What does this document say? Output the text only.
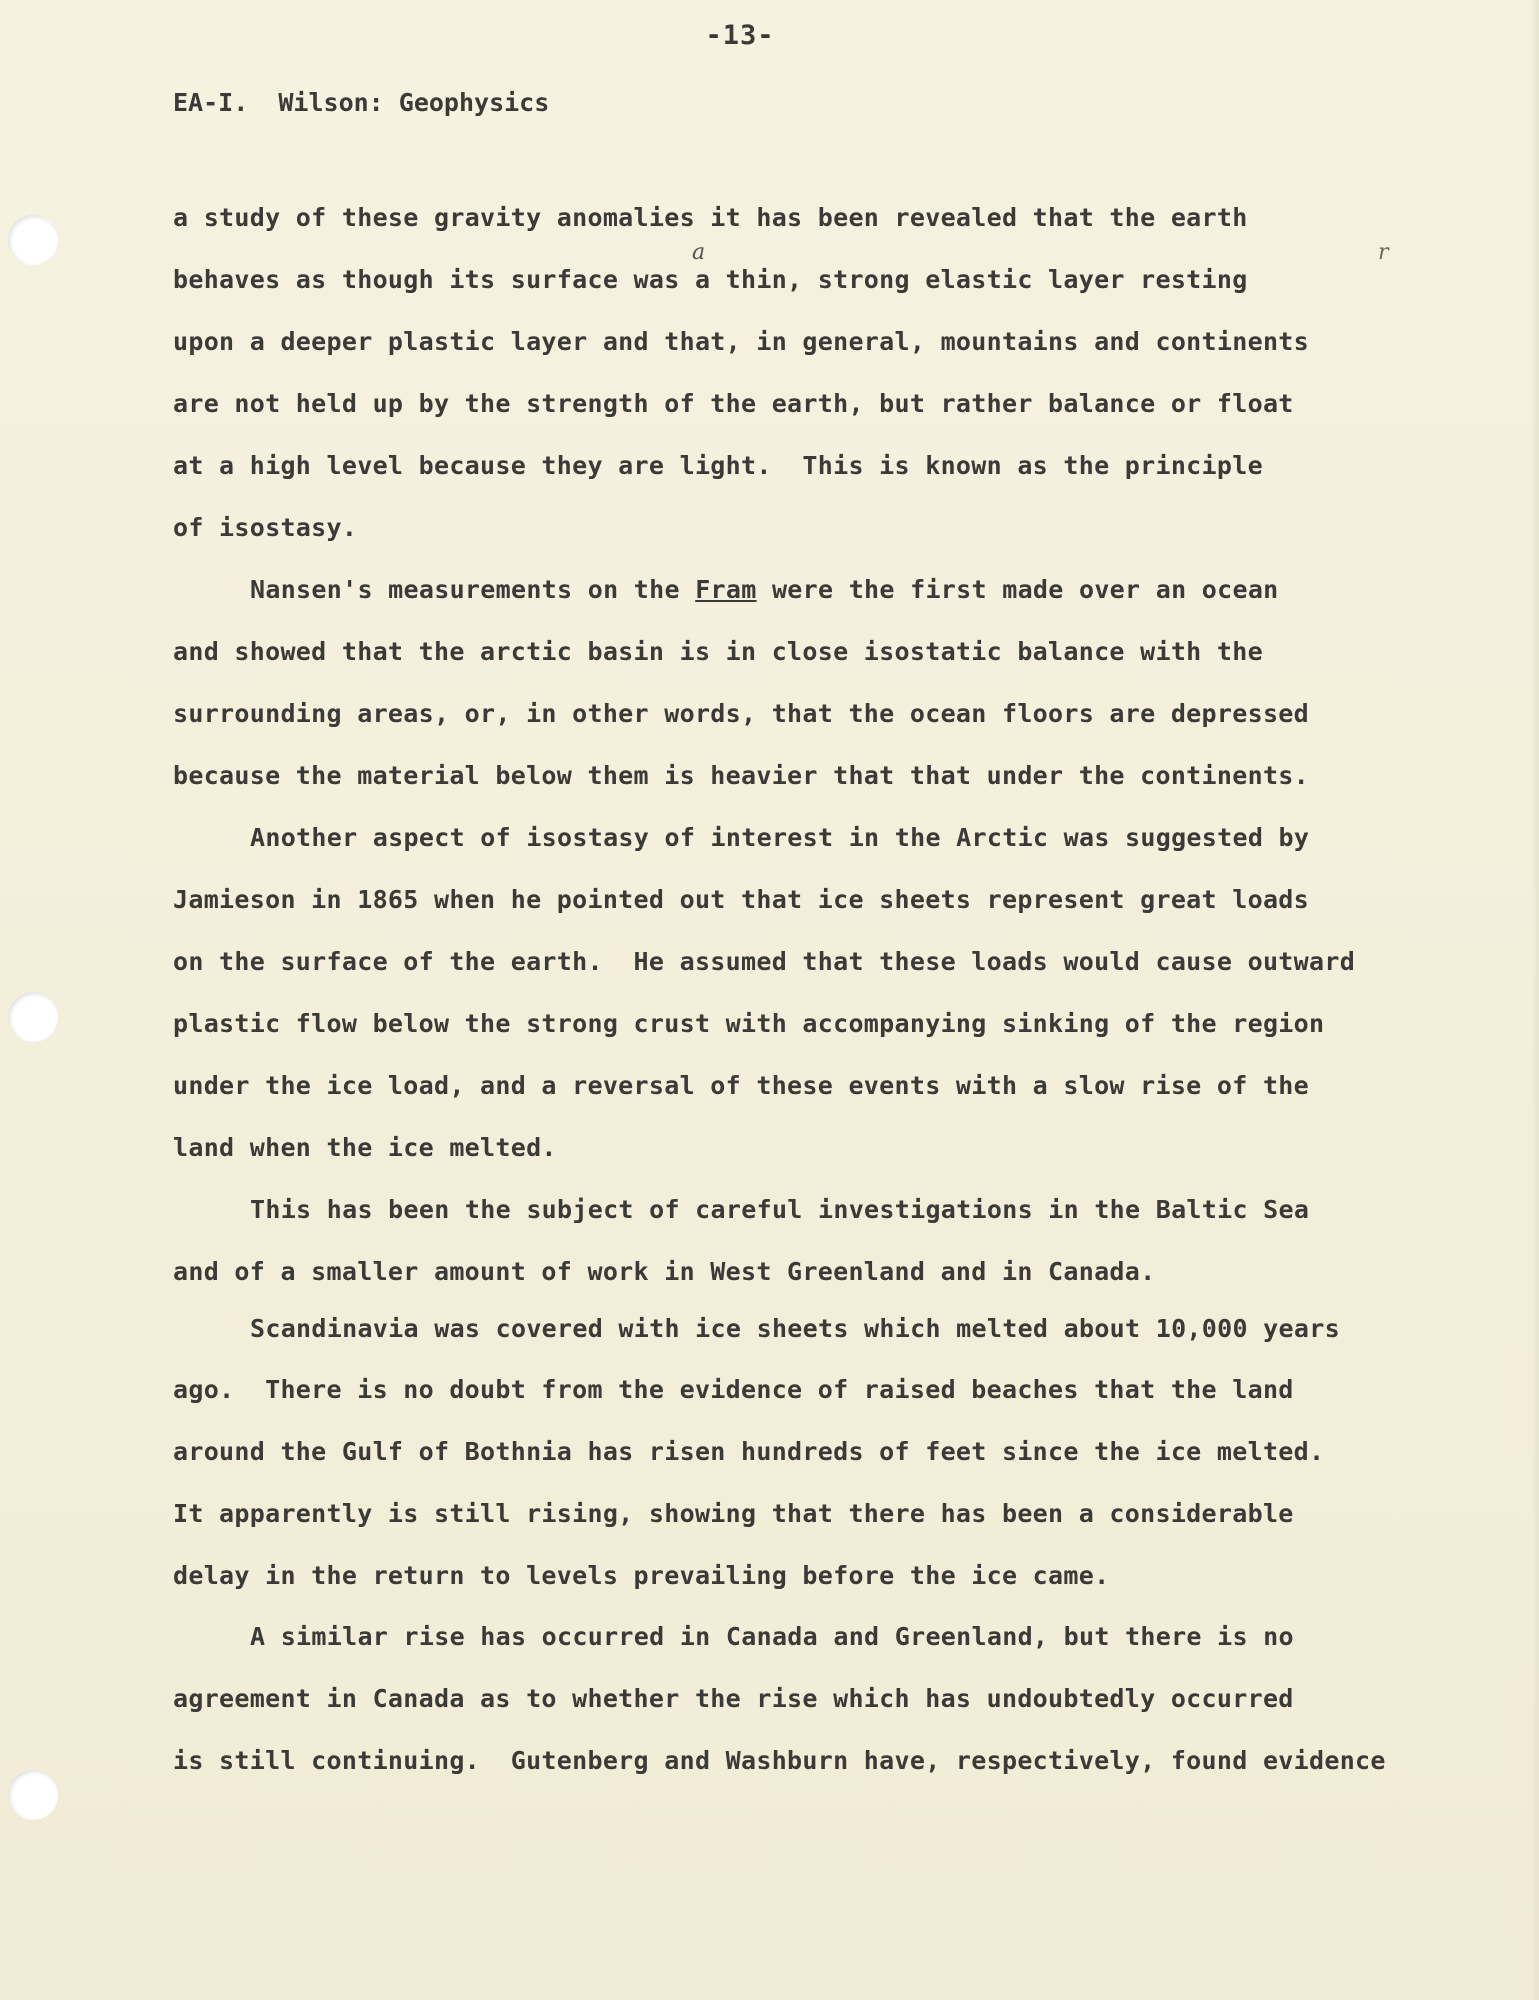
-13-
EA-I.  Wilson: Geophysics
a	r
a study of these gravity anomalies it has been revealed that the earth
behaves as though its surface was a thin, strong elastic layer resting
upon a deeper plastic layer and that, in general, mountains and continents
are not held up by the strength of the earth, but rather balance or float
at a high level because they are light.  This is known as the principle
of isostasy.
Nansen's measurements on the Fram were the first made over an ocean
and showed that the arctic basin is in close isostatic balance with the
surrounding areas, or, in other words, that the ocean floors are depressed
because the material below them is heavier that that under the continents.
Another aspect of isostasy of interest in the Arctic was suggested by
Jamieson in 1865 when he pointed out that ice sheets represent great loads
on the surface of the earth.  He assumed that these loads would cause outward
plastic flow below the strong crust with accompanying sinking of the region
under the ice load, and a reversal of these events with a slow rise of the
land when the ice melted.
This has been the subject of careful investigations in the Baltic Sea
and of a smaller amount of work in West Greenland and in Canada.
Scandinavia was covered with ice sheets which melted about 10,000 years
ago.  There is no doubt from the evidence of raised beaches that the land
around the Gulf of Bothnia has risen hundreds of feet since the ice melted.
It apparently is still rising, showing that there has been a considerable
delay in the return to levels prevailing before the ice came.
A similar rise has occurred in Canada and Greenland, but there is no
agreement in Canada as to whether the rise which has undoubtedly occurred
is still continuing.  Gutenberg and Washburn have, respectively, found evidence
